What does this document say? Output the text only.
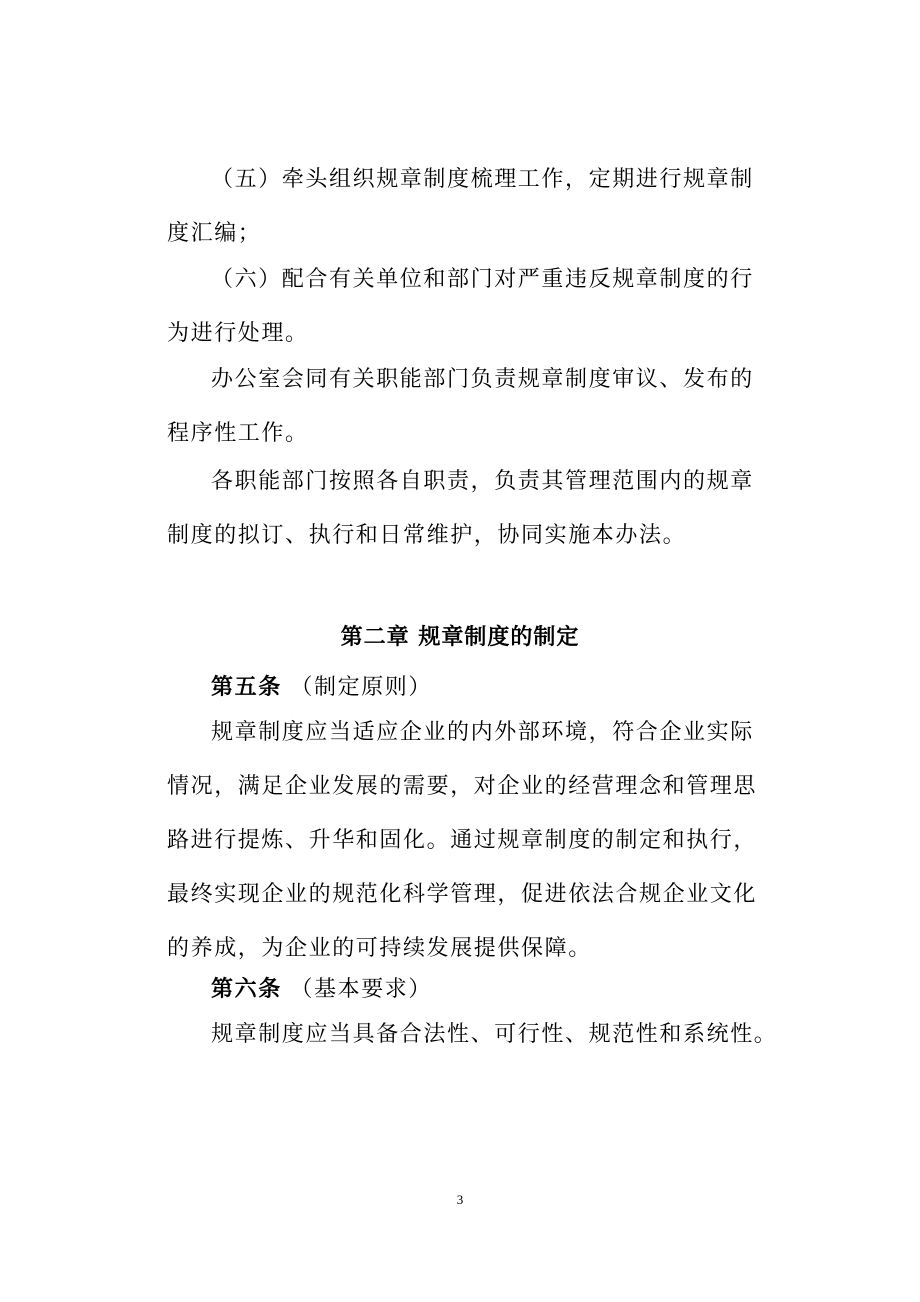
（五）牵头组织规章制度梳理工作，定期进行规章制度汇编；

（六）配合有关单位和部门对严重违反规章制度的行为进行处理。

办公室会同有关职能部门负责规章制度审议、发布的程序性工作。

各职能部门按照各自职责，负责其管理范围内的规章制度的拟订、执行和日常维护，协同实施本办法。

第二章 规章制度的制定

第五条 （制定原则）

规章制度应当适应企业的内外部环境，符合企业实际情况，满足企业发展的需要，对企业的经营理念和管理思路进行提炼、升华和固化。通过规章制度的制定和执行，最终实现企业的规范化科学管理，促进依法合规企业文化的养成，为企业的可持续发展提供保障。

第六条 （基本要求）

规章制度应当具备合法性、可行性、规范性和系统性。

3
